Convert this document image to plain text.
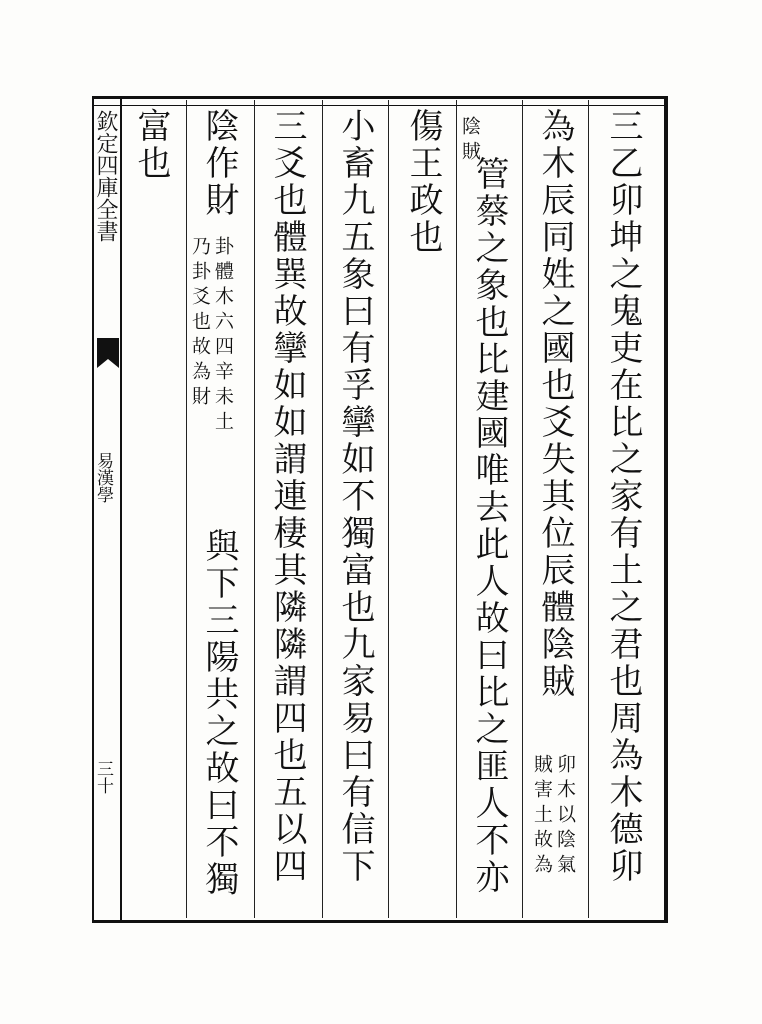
欽定四庫全書
易漢學
三十	三乙卯坤之鬼吏在比之家有土之君也周為木德卯
為木辰同姓之國也爻失其位辰體陰賊
卯木以陰氣
賊害土故為
陰賊
管蔡之象也比建國唯去此人故曰比之匪人不亦
傷王政也
小畜九五象曰有孚攣如不獨富也九家易曰有信下
三爻也體巽故攣如如謂連棲其隣隣謂四也五以四
陰作財
卦體木六四辛未土
乃卦爻也故為財
與下三陽共之故曰不獨
富也
